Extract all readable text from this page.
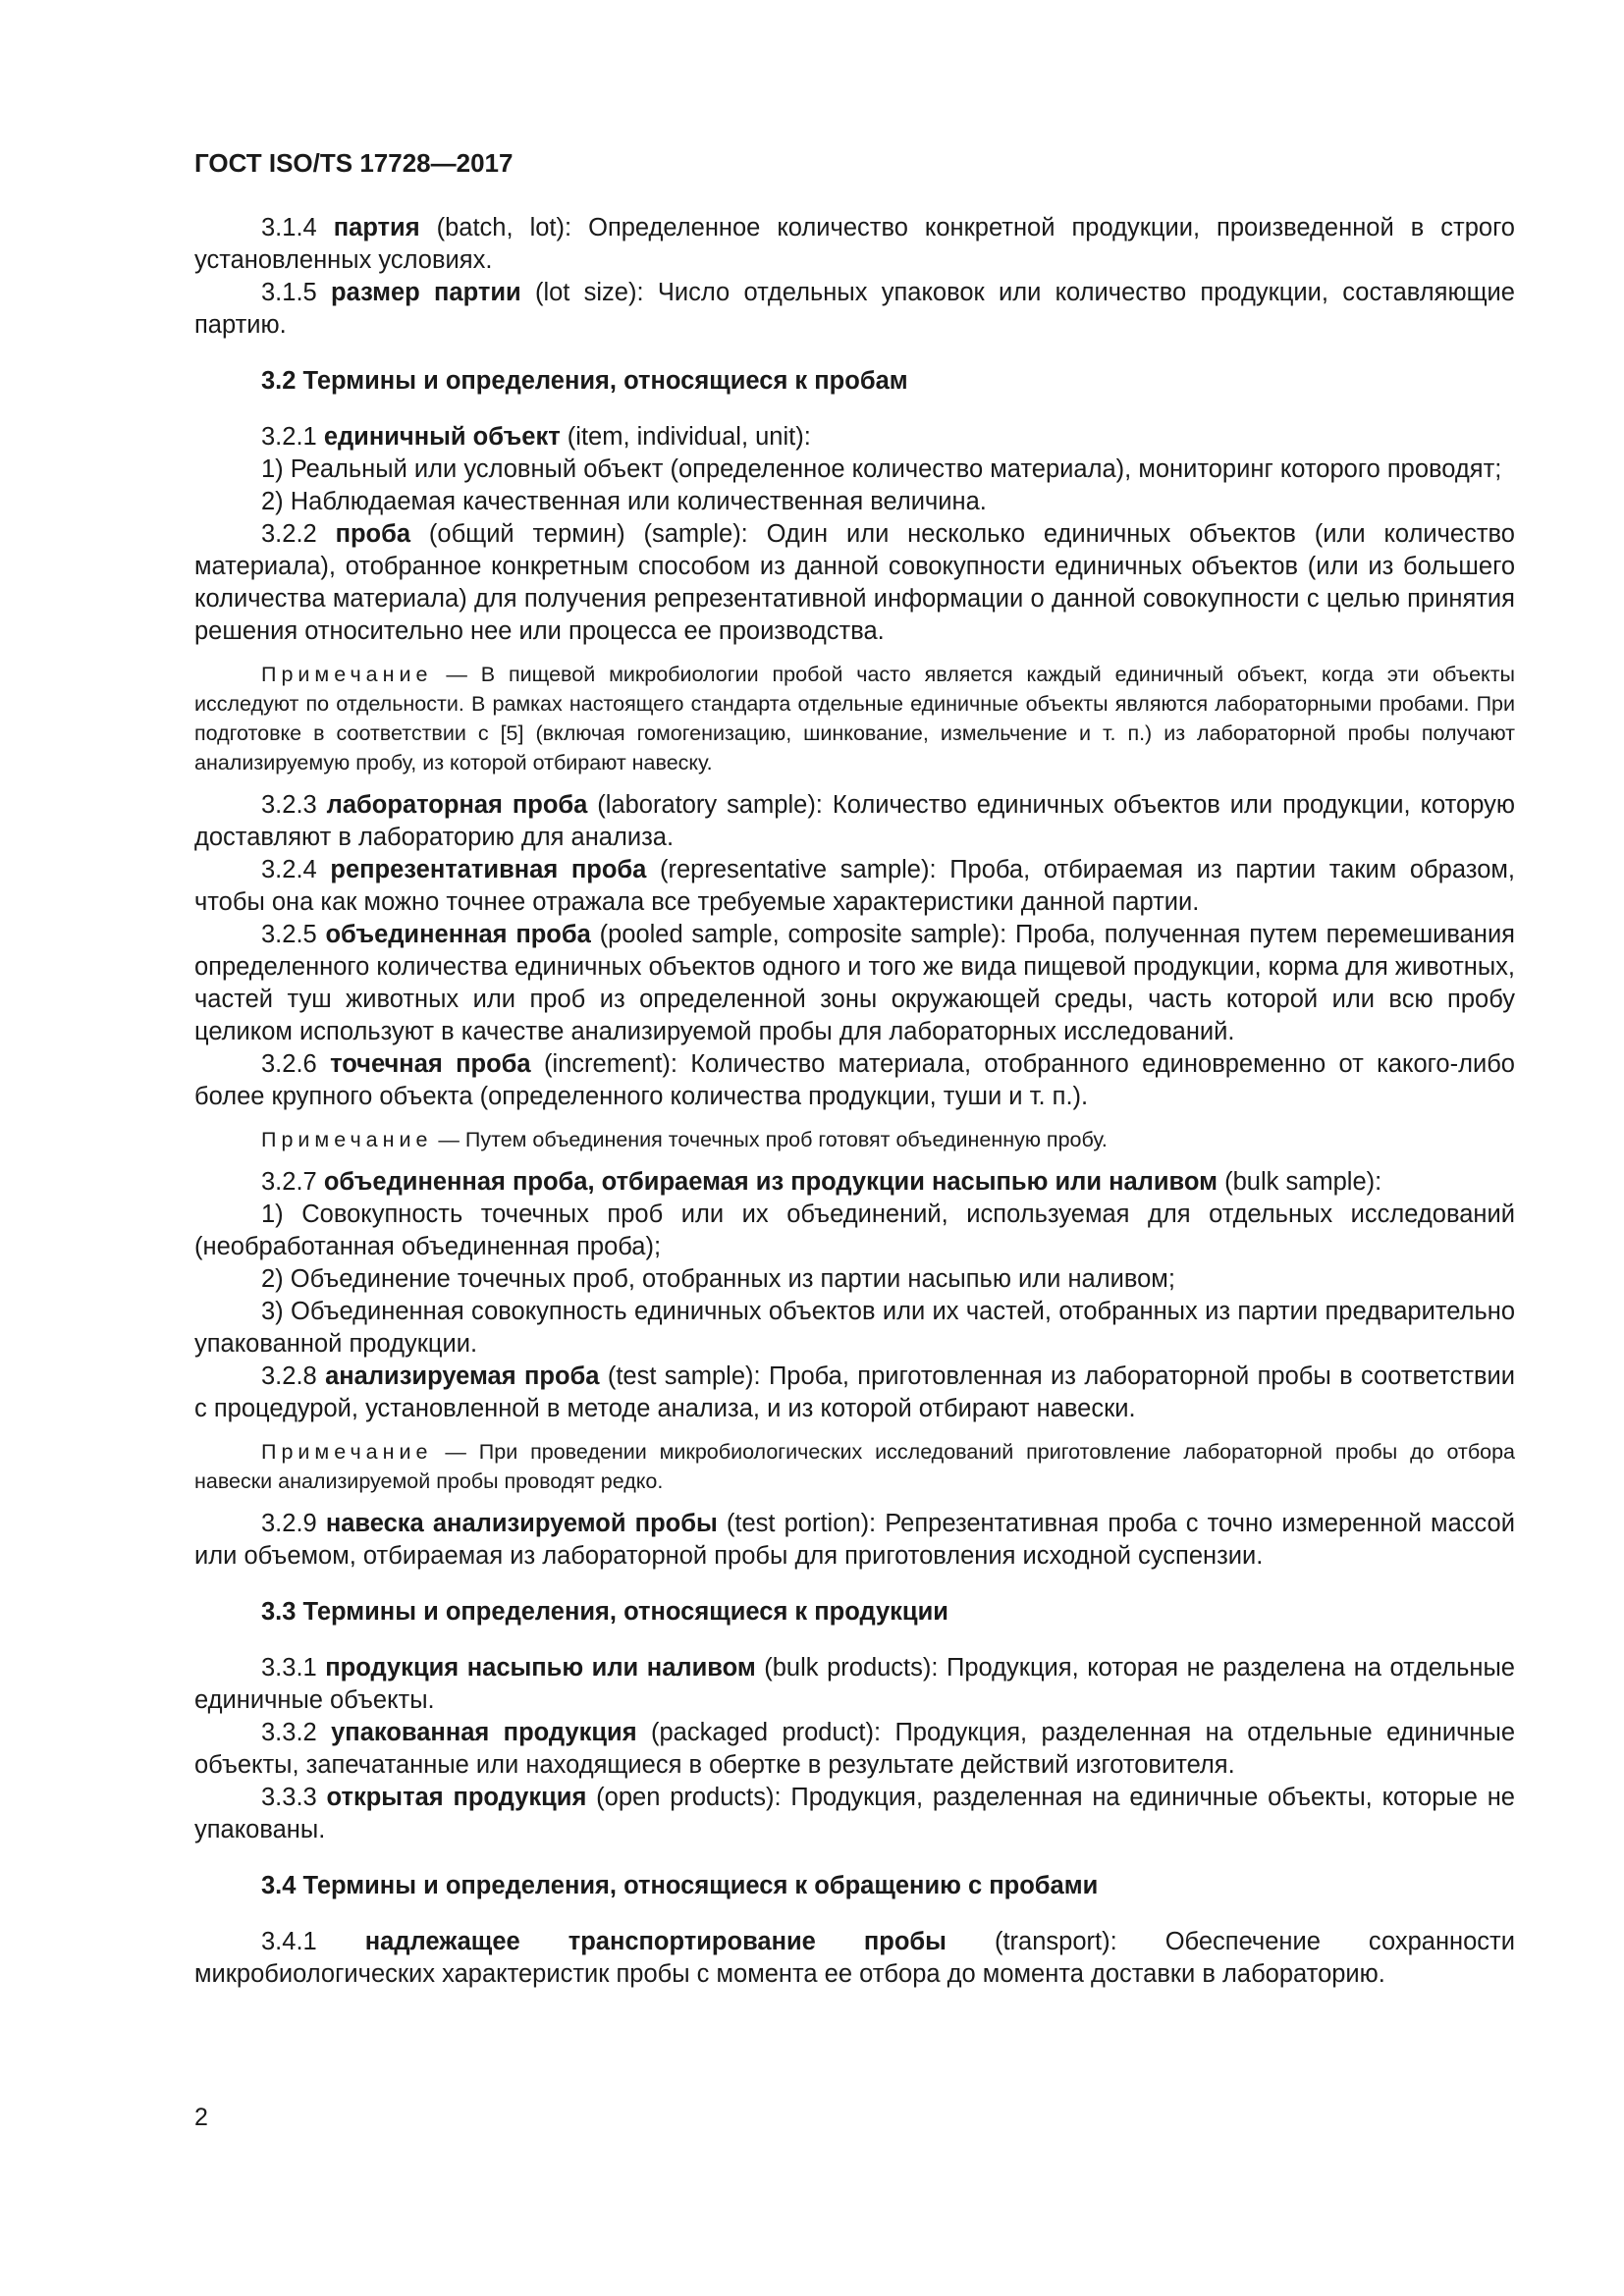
ГОСТ ISO/TS 17728—2017

3.1.4 партия (batch, lot): Определенное количество конкретной продукции, произведенной в строго установленных условиях.

3.1.5 размер партии (lot size): Число отдельных упаковок или количество продукции, составляющие партию.

3.2 Термины и определения, относящиеся к пробам

3.2.1 единичный объект (item, individual, unit):

1) Реальный или условный объект (определенное количество материала), мониторинг которого проводят;

2) Наблюдаемая качественная или количественная величина.

3.2.2 проба (общий термин) (sample): Один или несколько единичных объектов (или количество материала), отобранное конкретным способом из данной совокупности единичных объектов (или из большего количества материала) для получения репрезентативной информации о данной совокупности с целью принятия решения относительно нее или процесса ее производства.

Примечание — В пищевой микробиологии пробой часто является каждый единичный объект, когда эти объекты исследуют по отдельности. В рамках настоящего стандарта отдельные единичные объекты являются лабораторными пробами. При подготовке в соответствии с [5] (включая гомогенизацию, шинкование, измельчение и т. п.) из лабораторной пробы получают анализируемую пробу, из которой отбирают навеску.

3.2.3 лабораторная проба (laboratory sample): Количество единичных объектов или продукции, которую доставляют в лабораторию для анализа.

3.2.4 репрезентативная проба (representative sample): Проба, отбираемая из партии таким образом, чтобы она как можно точнее отражала все требуемые характеристики данной партии.

3.2.5 объединенная проба (pooled sample, composite sample): Проба, полученная путем перемешивания определенного количества единичных объектов одного и того же вида пищевой продукции, корма для животных, частей туш животных или проб из определенной зоны окружающей среды, часть которой или всю пробу целиком используют в качестве анализируемой пробы для лабораторных исследований.

3.2.6 точечная проба (increment): Количество материала, отобранного единовременно от какого-либо более крупного объекта (определенного количества продукции, туши и т. п.).

Примечание — Путем объединения точечных проб готовят объединенную пробу.

3.2.7 объединенная проба, отбираемая из продукции насыпью или наливом (bulk sample):

1) Совокупность точечных проб или их объединений, используемая для отдельных исследований (необработанная объединенная проба);

2) Объединение точечных проб, отобранных из партии насыпью или наливом;

3) Объединенная совокупность единичных объектов или их частей, отобранных из партии предварительно упакованной продукции.

3.2.8 анализируемая проба (test sample): Проба, приготовленная из лабораторной пробы в соответствии с процедурой, установленной в методе анализа, и из которой отбирают навески.

Примечание — При проведении микробиологических исследований приготовление лабораторной пробы до отбора навески анализируемой пробы проводят редко.

3.2.9 навеска анализируемой пробы (test portion): Репрезентативная проба с точно измеренной массой или объемом, отбираемая из лабораторной пробы для приготовления исходной суспензии.

3.3 Термины и определения, относящиеся к продукции

3.3.1 продукция насыпью или наливом (bulk products): Продукция, которая не разделена на отдельные единичные объекты.

3.3.2 упакованная продукция (packaged product): Продукция, разделенная на отдельные единичные объекты, запечатанные или находящиеся в обертке в результате действий изготовителя.

3.3.3 открытая продукция (open products): Продукция, разделенная на единичные объекты, которые не упакованы.

3.4 Термины и определения, относящиеся к обращению с пробами

3.4.1 надлежащее транспортирование пробы (transport): Обеспечение сохранности микробиологических характеристик пробы с момента ее отбора до момента доставки в лабораторию.

2
